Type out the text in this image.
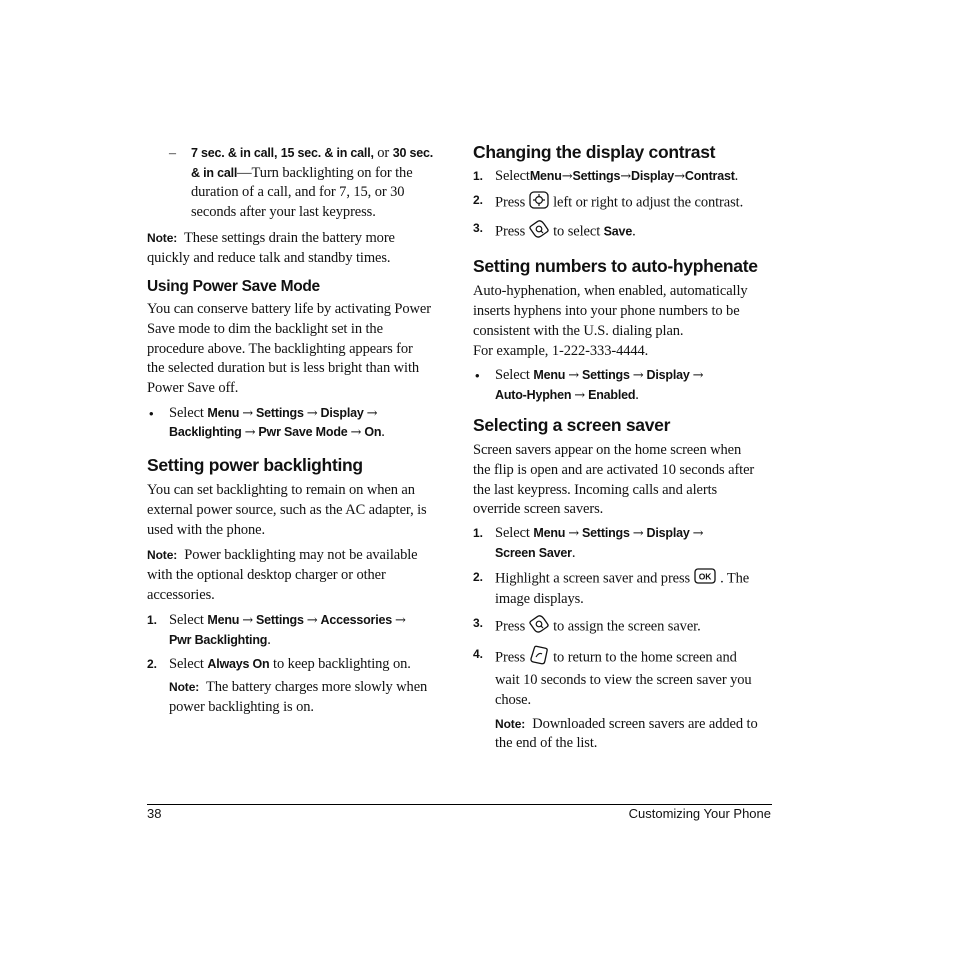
– 7 sec. & in call, 15 sec. & in call, or 30 sec.

& in call—Turn backlighting on for the

duration of a call, and for 7, 15, or 30

seconds after your last keypress.

Note: These settings drain the battery more

quickly and reduce talk and standby times.

Using Power Save Mode

You can conserve battery life by activating Power

Save mode to dim the backlight set in the

procedure above. The backlighting appears for

the selected duration but is less bright than with

Power Save off.

• Select Menu → Settings → Display →

Backlighting → Pwr Save Mode → On.

Setting power backlighting

You can set backlighting to remain on when an

external power source, such as the AC adapter, is

used with the phone.

Note: Power backlighting may not be available

with the optional desktop charger or other

accessories.

1. Select Menu → Settings → Accessories →

Pwr Backlighting.

2. Select Always On to keep backlighting on.

Note: The battery charges more slowly when

power backlighting is on.

Changing the display contrast
1. SelectMenu→Settings→Display→Contrast.

2. Press left or right to adjust the contrast.

3. Press to select Save.

Setting numbers to auto-hyphenate

Auto-hyphenation, when enabled, automatically

inserts hyphens into your phone numbers to be

consistent with the U.S. dialing plan.

For example, 1-222-333-4444.

• Select Menu → Settings → Display →

Auto-Hyphen → Enabled.

Selecting a screen saver

Screen savers appear on the home screen when

the flip is open and are activated 10 seconds after

the last keypress. Incoming calls and alerts

override screen savers.

1. Select Menu → Settings → Display →

Screen Saver.

2. Highlight a screen saver and press OK . The

image displays.

3. Press to assign the screen saver.

4. Press to return to the home screen and

wait 10 seconds to view the screen saver you

chose.

Note: Downloaded screen savers are added to

the end of the list.

38	Customizing Your Phone
